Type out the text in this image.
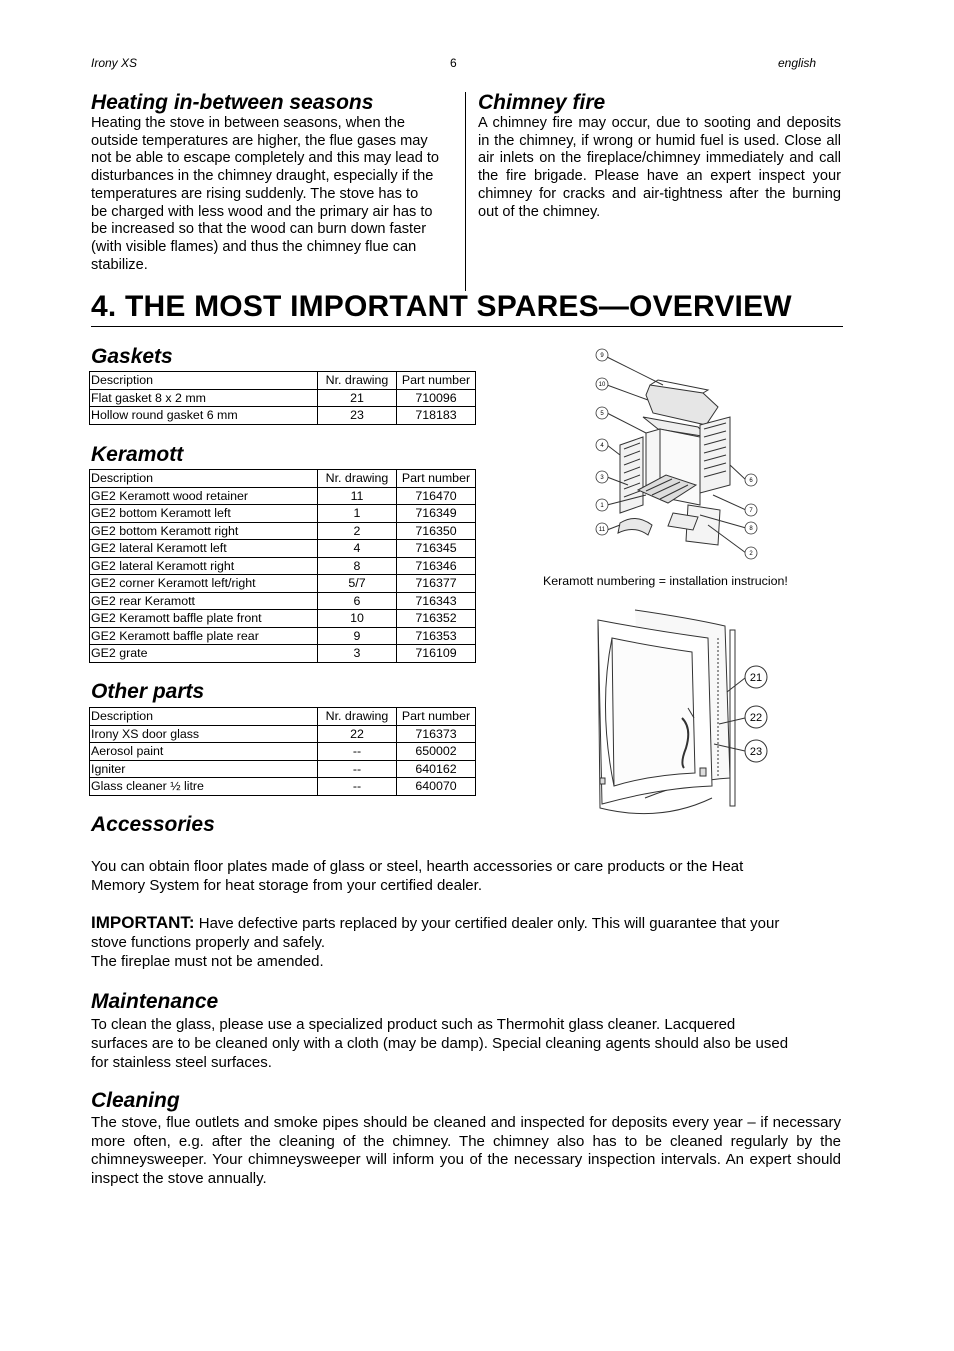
Irony XS	6	english
Heating in-between seasons
Heating the stove in between seasons, when the
outside temperatures are higher, the flue gases may
not be able to escape completely and this may lead to
disturbances in the chimney draught, especially if the
temperatures are rising suddenly. The stove has to
be charged with less wood and the primary air has to
be increased so that the wood can burn down faster
(with visible flames) and thus the chimney flue can
stabilize.
Chimney fire
A chimney fire may occur, due to sooting and deposits in the chimney, if wrong or humid fuel is used. Close all air inlets on the fireplace/chimney immediately and call the fire brigade. Please have an expert inspect your chimney for cracks and air-tightness after the burning out of the chimney.
4. THE MOST IMPORTANT SPARES—OVERVIEW
Gaskets
Description	Nr. drawing	Part number
Flat gasket 8 x 2 mm	21	710096
Hollow round gasket 6 mm	23	718183
Keramott
Description	Nr. drawing	Part number
GE2 Keramott wood retainer	11	716470
GE2 bottom Keramott left	1	716349
GE2 bottom Keramott right	2	716350
GE2 lateral Keramott left	4	716345
GE2 lateral Keramott right	8	716346
GE2 corner Keramott left/right	5/7	716377
GE2 rear Keramott	6	716343
GE2 Keramott baffle plate front	10	716352
GE2 Keramott baffle plate rear	9	716353
GE2 grate	3	716109
Other parts
Description	Nr. drawing	Part number
Irony XS door glass	22	716373
Aerosol paint	--	650002
Igniter	--	640162
Glass cleaner ½ litre	--	640070
9
10
5
4
3
1
11
6
7
8
2
Keramott numbering = installation instrucion!
21
22
23
Accessories
You can obtain floor plates made of glass or steel, hearth accessories or care products or the Heat
Memory System for heat storage from your certified dealer.
IMPORTANT: Have defective parts replaced by your certified dealer only. This will guarantee that your
stove functions properly and safely.
The fireplae must not be amended.
Maintenance
To clean the glass, please use a specialized product such as Thermohit glass cleaner. Lacquered
surfaces are to be cleaned only with a cloth (may be damp). Special cleaning agents should also be used
for stainless steel surfaces.
Cleaning
The stove, flue outlets and smoke pipes should be cleaned and inspected for deposits every year – if necessary more often, e.g. after the cleaning of the chimney. The chimney also has to be cleaned regularly by the chimneysweeper. Your chimneysweeper will inform you of the necessary inspection intervals. An expert should inspect the stove annually.
